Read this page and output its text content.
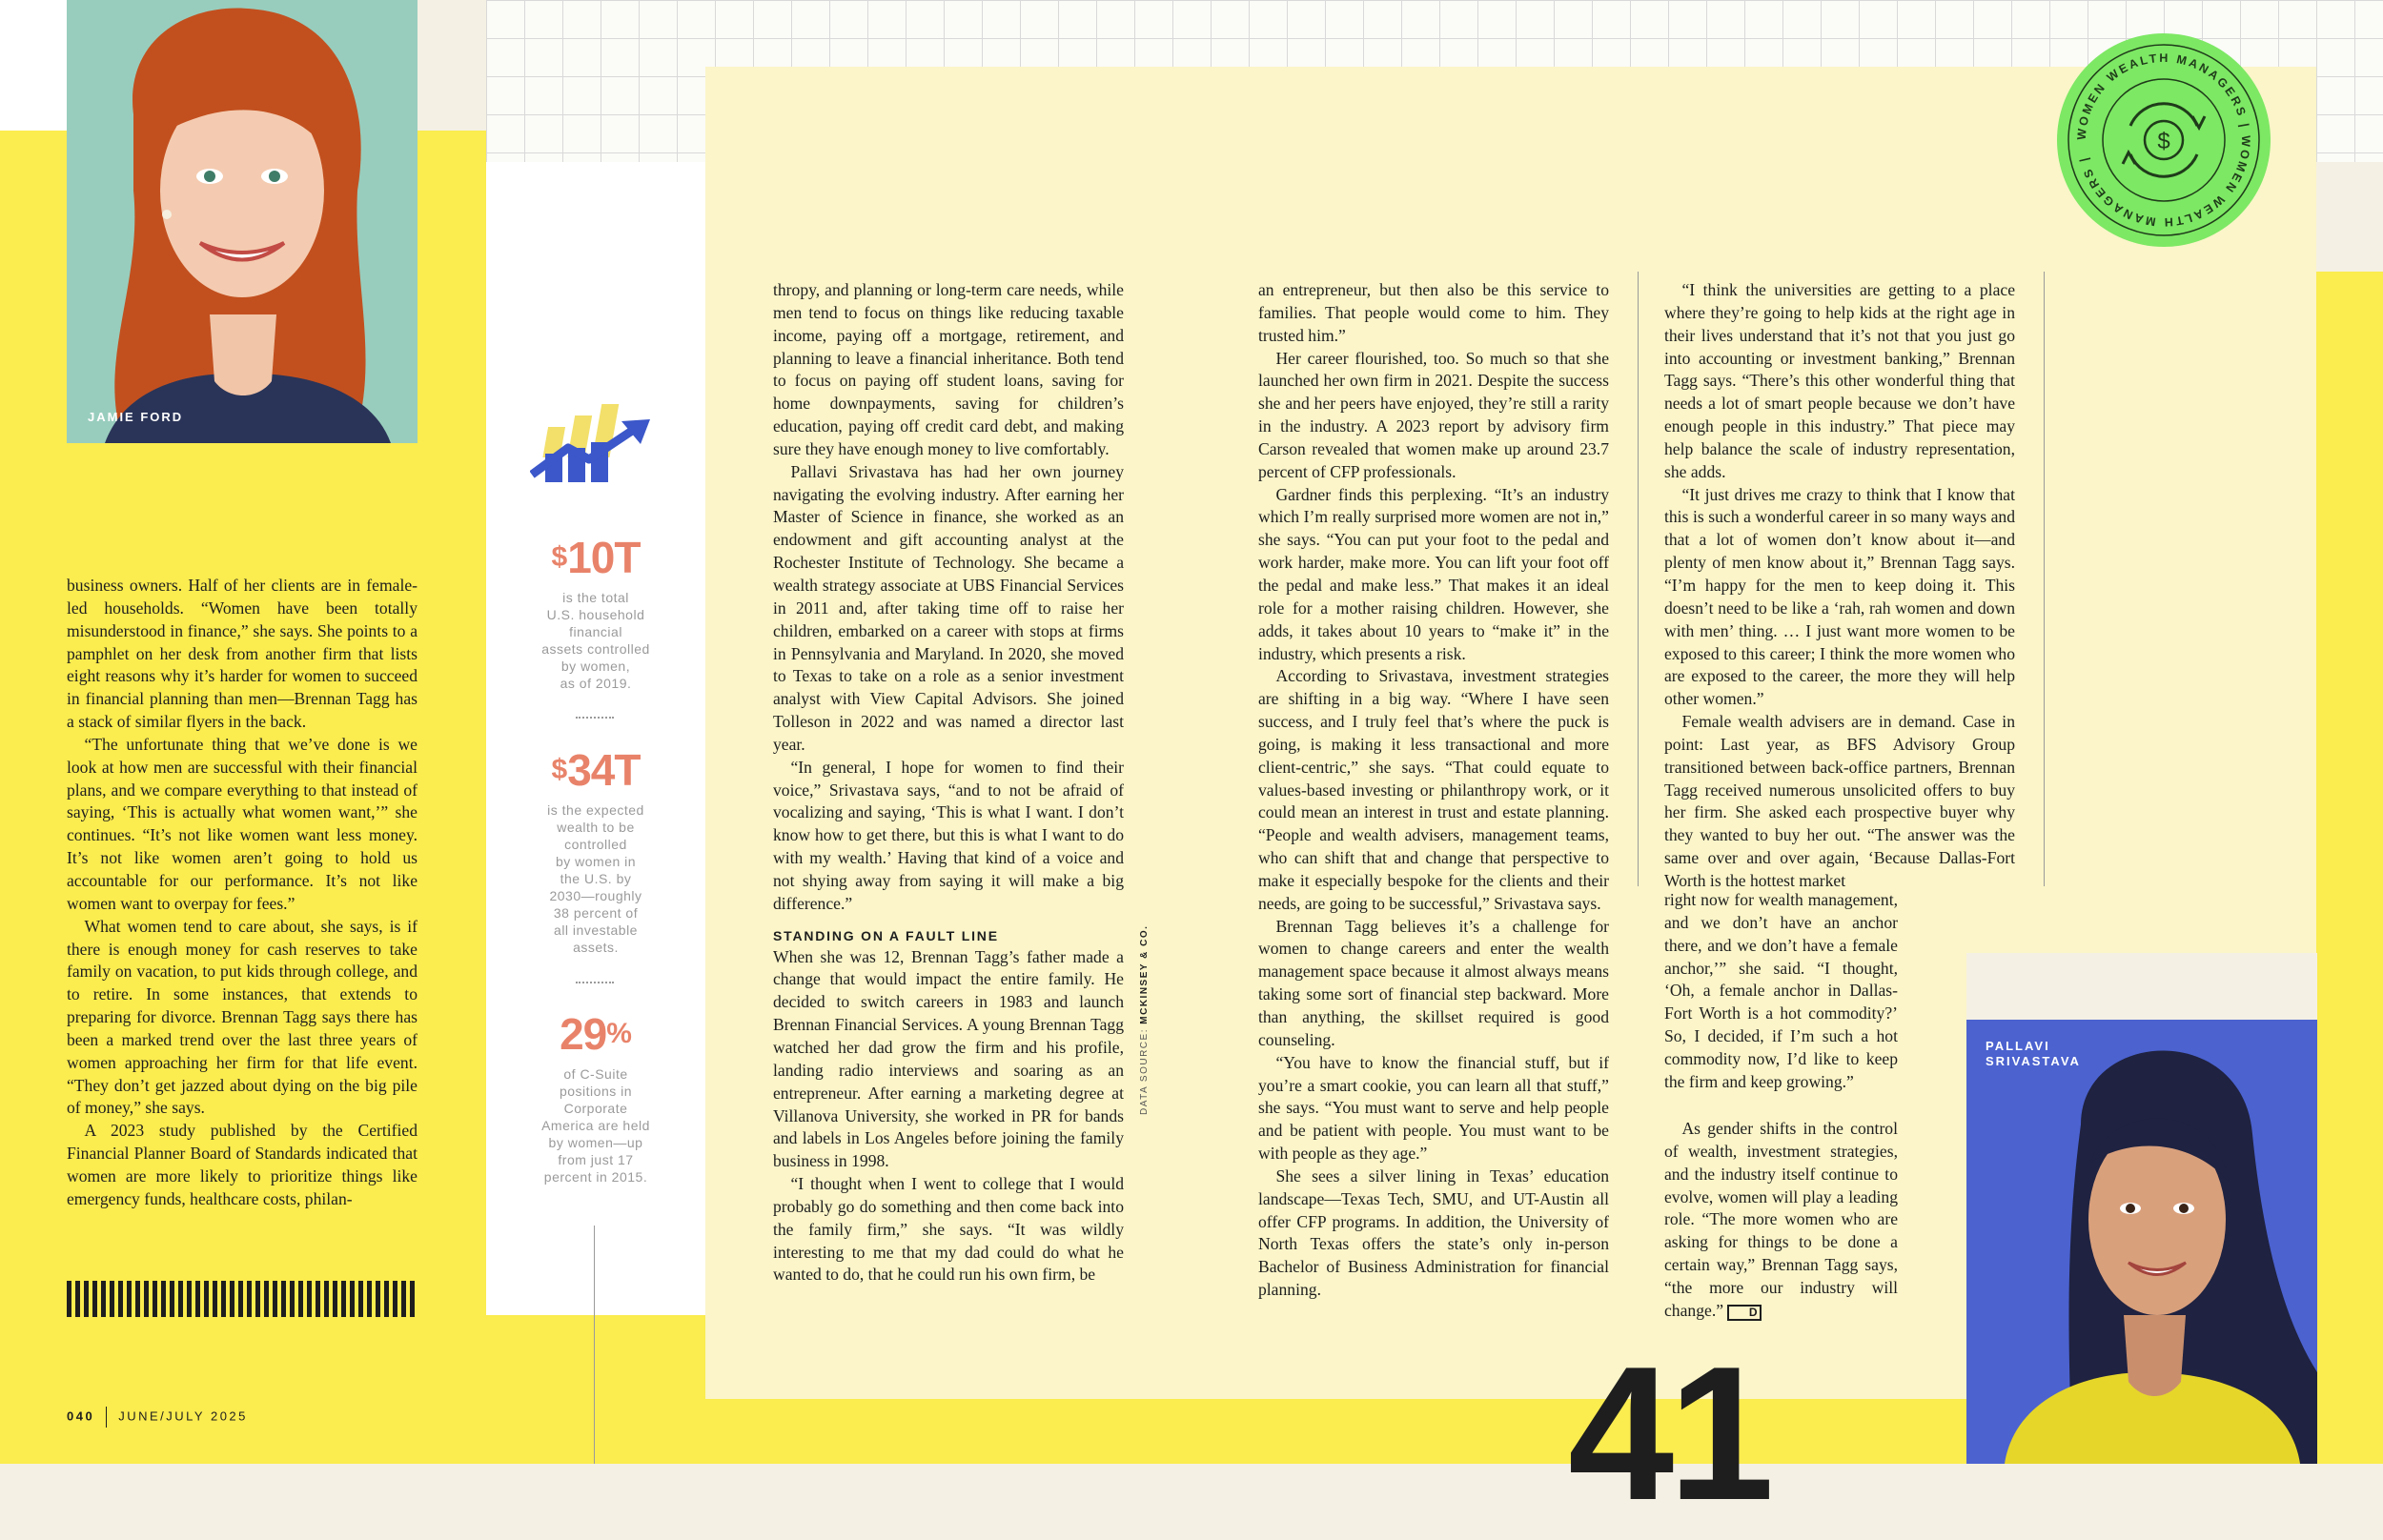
JAMIE FORD
WOMEN WEALTH MANAGERS | WOMEN WEALTH MANAGERS |
$
$10T
is the total
U.S. household
financial
assets controlled
by women,
as of 2019.
$34T
is the expected
wealth to be
controlled
by women in
the U.S. by
2030—roughly
38 percent of
all investable
assets.
29%
of C-Suite
positions in
Corporate
America are held
by women—up
from just 17
percent in 2015.

business owners. Half of her clients are in female-led households. “Women have been totally misunderstood in finance,” she says. She points to a pamphlet on her desk from another firm that lists eight reasons why it’s harder for women to succeed in financial planning than men—Brennan Tagg has a stack of similar flyers in the back.

“The unfortunate thing that we’ve done is we look at how men are successful with their financial plans, and we compare everything to that instead of saying, ‘This is actually what women want,’” she continues. “It’s not like women want less money. It’s not like women aren’t going to hold us accountable for our performance. It’s not like women want to overpay for fees.”

What women tend to care about, she says, is if there is enough money for cash reserves to take family on vacation, to put kids through college, and to retire. In some instances, that extends to preparing for divorce. Brennan Tagg says there has been a marked trend over the last three years of women approaching her firm for that life event. “They don’t get jazzed about dying on the big pile of money,” she says.

A 2023 study published by the Certified Financial Planner Board of Standards indicated that women are more likely to prioritize things like emergency funds, healthcare costs, philan-

thropy, and planning or long-term care needs, while men tend to focus on things like reducing taxable income, paying off a mortgage, retirement, and planning to leave a financial inheritance. Both tend to focus on paying off student loans, saving for home downpayments, saving for children’s education, paying off credit card debt, and making sure they have enough money to live comfortably.

Pallavi Srivastava has had her own journey navigating the evolving industry. After earning her Master of Science in finance, she worked as an endowment and gift accounting analyst at the Rochester Institute of Technology. She became a wealth strategy associate at UBS Financial Services in 2011 and, after taking time off to raise her children, embarked on a career with stops at firms in Pennsylvania and Maryland. In 2020, she moved to Texas to take on a role as a senior investment analyst with View Capital Advisors. She joined Tolleson in 2022 and was named a director last year.

“In general, I hope for women to find their voice,” Srivastava says, “and to not be afraid of vocalizing and saying, ‘This is what I want. I don’t know how to get there, but this is what I want to do with my wealth.’ Having that kind of a voice and not shying away from saying it will make a big difference.”

STANDING ON A FAULT LINE

When she was 12, Brennan Tagg’s father made a change that would impact the entire family. He decided to switch careers in 1983 and launch Brennan Financial Services. A young Brennan Tagg watched her dad grow the firm and his profile, landing radio interviews and soaring as an entrepreneur. After earning a marketing degree at Villanova University, she worked in PR for bands and labels in Los Angeles before joining the family business in 1998.

“I thought when I went to college that I would probably go do something and then come back into the family firm,” she says. “It was wildly interesting to me that my dad could do what he wanted to do, that he could run his own firm, be

DATA SOURCE: MCKINSEY & CO.

an entrepreneur, but then also be this service to families. That people would come to him. They trusted him.”

Her career flourished, too. So much so that she launched her own firm in 2021. Despite the success she and her peers have enjoyed, they’re still a rarity in the industry. A 2023 report by advisory firm Carson revealed that women make up around 23.7 percent of CFP professionals.

Gardner finds this perplexing. “It’s an industry which I’m really surprised more women are not in,” she says. “You can put your foot to the pedal and work harder, make more. You can lift your foot off the pedal and make less.” That makes it an ideal role for a mother raising children. However, she adds, it takes about 10 years to “make it” in the industry, which presents a risk.

According to Srivastava, investment strategies are shifting in a big way. “Where I have seen success, and I truly feel that’s where the puck is going, is making it less transactional and more client-centric,” she says. “That could equate to values-based investing or philanthropy work, or it could mean an interest in trust and estate planning. “People and wealth advisers, management teams, who can shift that and change that perspective to make it especially bespoke for the clients and their needs, are going to be successful,” Srivastava says.

Brennan Tagg believes it’s a challenge for women to change careers and enter the wealth management space because it almost always means taking some sort of financial step backward. More than anything, the skillset required is good counseling.

“You have to know the financial stuff, but if you’re a smart cookie, you can learn all that stuff,” she says. “You must want to serve and help people and be patient with people. You must want to be with people as they age.”

She sees a silver lining in Texas’ education landscape—Texas Tech, SMU, and UT-Austin all offer CFP programs. In addition, the University of North Texas offers the state’s only in-person Bachelor of Business Administration for financial planning.

“I think the universities are getting to a place where they’re going to help kids at the right age in their lives understand that it’s not that you just go into accounting or investment banking,” Brennan Tagg says. “There’s this other wonderful thing that needs a lot of smart people because we don’t have enough people in this industry.” That piece may help balance the scale of industry representation, she adds.

“It just drives me crazy to think that I know that this is such a wonderful career in so many ways and that a lot of women don’t know about it—and plenty of men know about it,” Brennan Tagg says. “I’m happy for the men to keep doing it. This doesn’t need to be like a ‘rah, rah women and down with men’ thing. … I just want more women to be exposed to this career; I think the more women who are exposed to the career, the more they will help other women.”

Female wealth advisers are in demand. Case in point: Last year, as BFS Advisory Group transitioned between back-office partners, Brennan Tagg received numerous unsolicited offers to buy her firm. She asked each prospective buyer why they wanted to buy her out. “The answer was the same over and over again, ‘Because Dallas-Fort Worth is the hottest market

right now for wealth management, and we don’t have an anchor there, and we don’t have a female anchor,’” she said. “I thought, ‘Oh, a female anchor in Dallas-Fort Worth is a hot commodity?’ So, I decided, if I’m such a hot commodity now, I’d like to keep the firm and keep growing.”

As gender shifts in the control of wealth, investment strategies, and the industry itself continue to evolve, women will play a leading role. “The more women who are asking for things to be done a certain way,” Brennan Tagg says, “the more our industry will change.” D

PALLAVI
SRIVASTAVA
41
040 JUNE/JULY 2025
